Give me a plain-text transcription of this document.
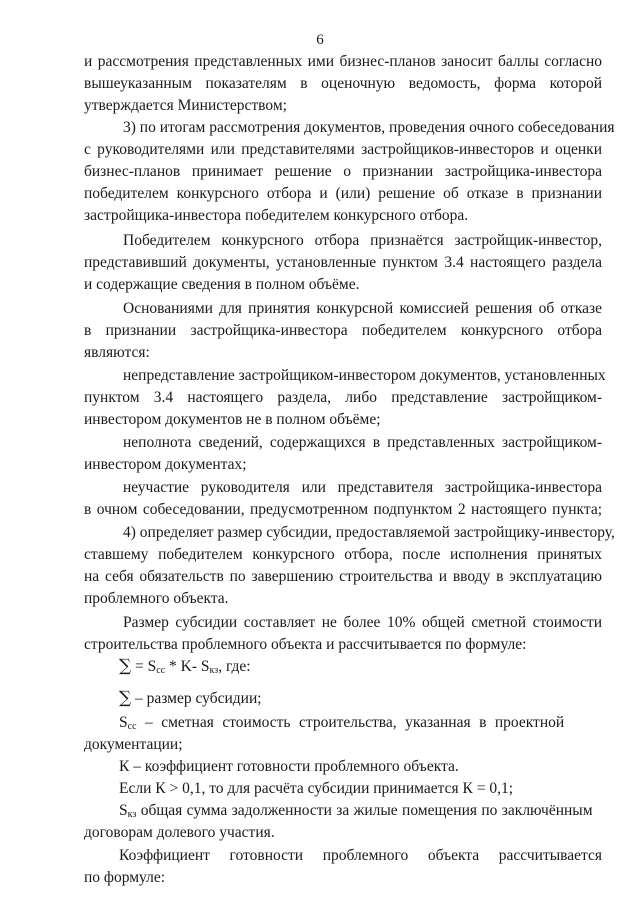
6
и рассмотрения представленных ими бизнес-планов заносит баллы согласно
вышеуказанным показателям в оценочную ведомость, форма которой
утверждается Министерством;
3) по итогам рассмотрения документов, проведения очного собеседования
с руководителями или представителями застройщиков-инвесторов и оценки
бизнес-планов принимает решение о признании застройщика-инвестора
победителем конкурсного отбора и (или) решение об отказе в признании
застройщика-инвестора победителем конкурсного отбора.
Победителем конкурсного отбора признаётся застройщик-инвестор,
представивший документы, установленные пунктом 3.4 настоящего раздела
и содержащие сведения в полном объёме.
Основаниями для принятия конкурсной комиссией решения об отказе
в признании застройщика-инвестора победителем конкурсного отбора
являются:
непредставление застройщиком-инвестором документов, установленных
пунктом 3.4 настоящего раздела, либо представление застройщиком-
инвестором документов не в полном объёме;
неполнота сведений, содержащихся в представленных застройщиком-
инвестором документах;
неучастие руководителя или представителя застройщика-инвестора
в очном собеседовании, предусмотренном подпунктом 2 настоящего пункта;
4) определяет размер субсидии, предоставляемой застройщику-инвестору,
ставшему победителем конкурсного отбора, после исполнения принятых
на себя обязательств по завершению строительства и вводу в эксплуатацию
проблемного объекта.
Размер субсидии составляет не более 10% общей сметной стоимости
строительства проблемного объекта и рассчитывается по формуле:
∑ = $S_{сс} * K-$ $S_{кз}$, где:
∑ – размер субсидии;
$S_{сс}$ – сметная стоимость строительства, указанная в проектной
документации;
К – коэффициент готовности проблемного объекта.
Если К > 0,1, то для расчёта субсидии принимается К = 0,1;
$S_{кз}$ общая сумма задолженности за жилые помещения по заключённым
договорам долевого участия.
Коэффициент готовности проблемного объекта рассчитывается
по формуле:
